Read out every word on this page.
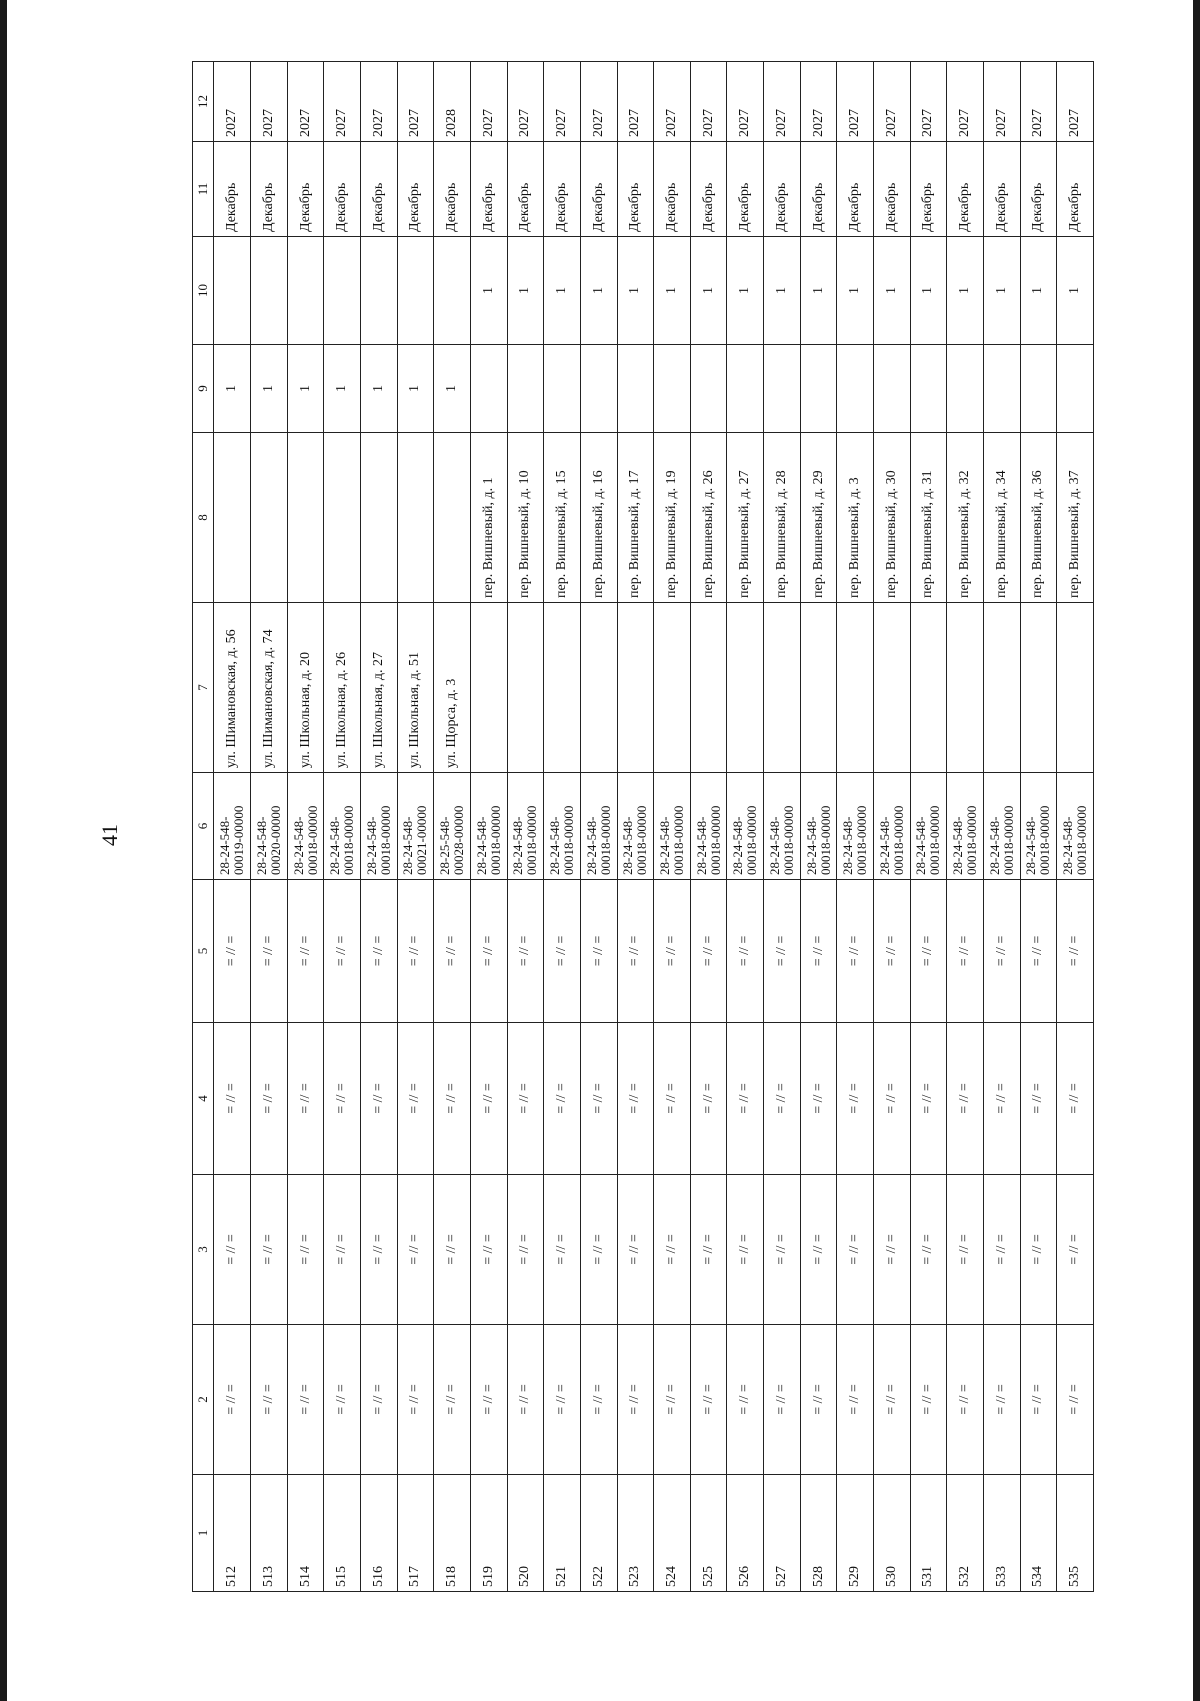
41
1	2	3	4	5	6	7	8	9	10	11	12
512	= // =	= // =	= // =	= // =	28-24-548-
00019-00000	ул. Шимановская, д. 56		1		Декабрь	2027
513	= // =	= // =	= // =	= // =	28-24-548-
00020-00000	ул. Шимановская, д. 74		1		Декабрь	2027
514	= // =	= // =	= // =	= // =	28-24-548-
00018-00000	ул. Школьная, д. 20		1		Декабрь	2027
515	= // =	= // =	= // =	= // =	28-24-548-
00018-00000	ул. Школьная, д. 26		1		Декабрь	2027
516	= // =	= // =	= // =	= // =	28-24-548-
00018-00000	ул. Школьная, д. 27		1		Декабрь	2027
517	= // =	= // =	= // =	= // =	28-24-548-
00021-00000	ул. Школьная, д. 51		1		Декабрь	2027
518	= // =	= // =	= // =	= // =	28-25-548-
00028-00000	ул. Щорса, д. 3		1		Декабрь	2028
519	= // =	= // =	= // =	= // =	28-24-548-
00018-00000		пер. Вишневый, д. 1		1	Декабрь	2027
520	= // =	= // =	= // =	= // =	28-24-548-
00018-00000		пер. Вишневый, д. 10		1	Декабрь	2027
521	= // =	= // =	= // =	= // =	28-24-548-
00018-00000		пер. Вишневый, д. 15		1	Декабрь	2027
522	= // =	= // =	= // =	= // =	28-24-548-
00018-00000		пер. Вишневый, д. 16		1	Декабрь	2027
523	= // =	= // =	= // =	= // =	28-24-548-
00018-00000		пер. Вишневый, д. 17		1	Декабрь	2027
524	= // =	= // =	= // =	= // =	28-24-548-
00018-00000		пер. Вишневый, д. 19		1	Декабрь	2027
525	= // =	= // =	= // =	= // =	28-24-548-
00018-00000		пер. Вишневый, д. 26		1	Декабрь	2027
526	= // =	= // =	= // =	= // =	28-24-548-
00018-00000		пер. Вишневый, д. 27		1	Декабрь	2027
527	= // =	= // =	= // =	= // =	28-24-548-
00018-00000		пер. Вишневый, д. 28		1	Декабрь	2027
528	= // =	= // =	= // =	= // =	28-24-548-
00018-00000		пер. Вишневый, д. 29		1	Декабрь	2027
529	= // =	= // =	= // =	= // =	28-24-548-
00018-00000		пер. Вишневый, д. 3		1	Декабрь	2027
530	= // =	= // =	= // =	= // =	28-24-548-
00018-00000		пер. Вишневый, д. 30		1	Декабрь	2027
531	= // =	= // =	= // =	= // =	28-24-548-
00018-00000		пер. Вишневый, д. 31		1	Декабрь	2027
532	= // =	= // =	= // =	= // =	28-24-548-
00018-00000		пер. Вишневый, д. 32		1	Декабрь	2027
533	= // =	= // =	= // =	= // =	28-24-548-
00018-00000		пер. Вишневый, д. 34		1	Декабрь	2027
534	= // =	= // =	= // =	= // =	28-24-548-
00018-00000		пер. Вишневый, д. 36		1	Декабрь	2027
535	= // =	= // =	= // =	= // =	28-24-548-
00018-00000		пер. Вишневый, д. 37		1	Декабрь	2027
